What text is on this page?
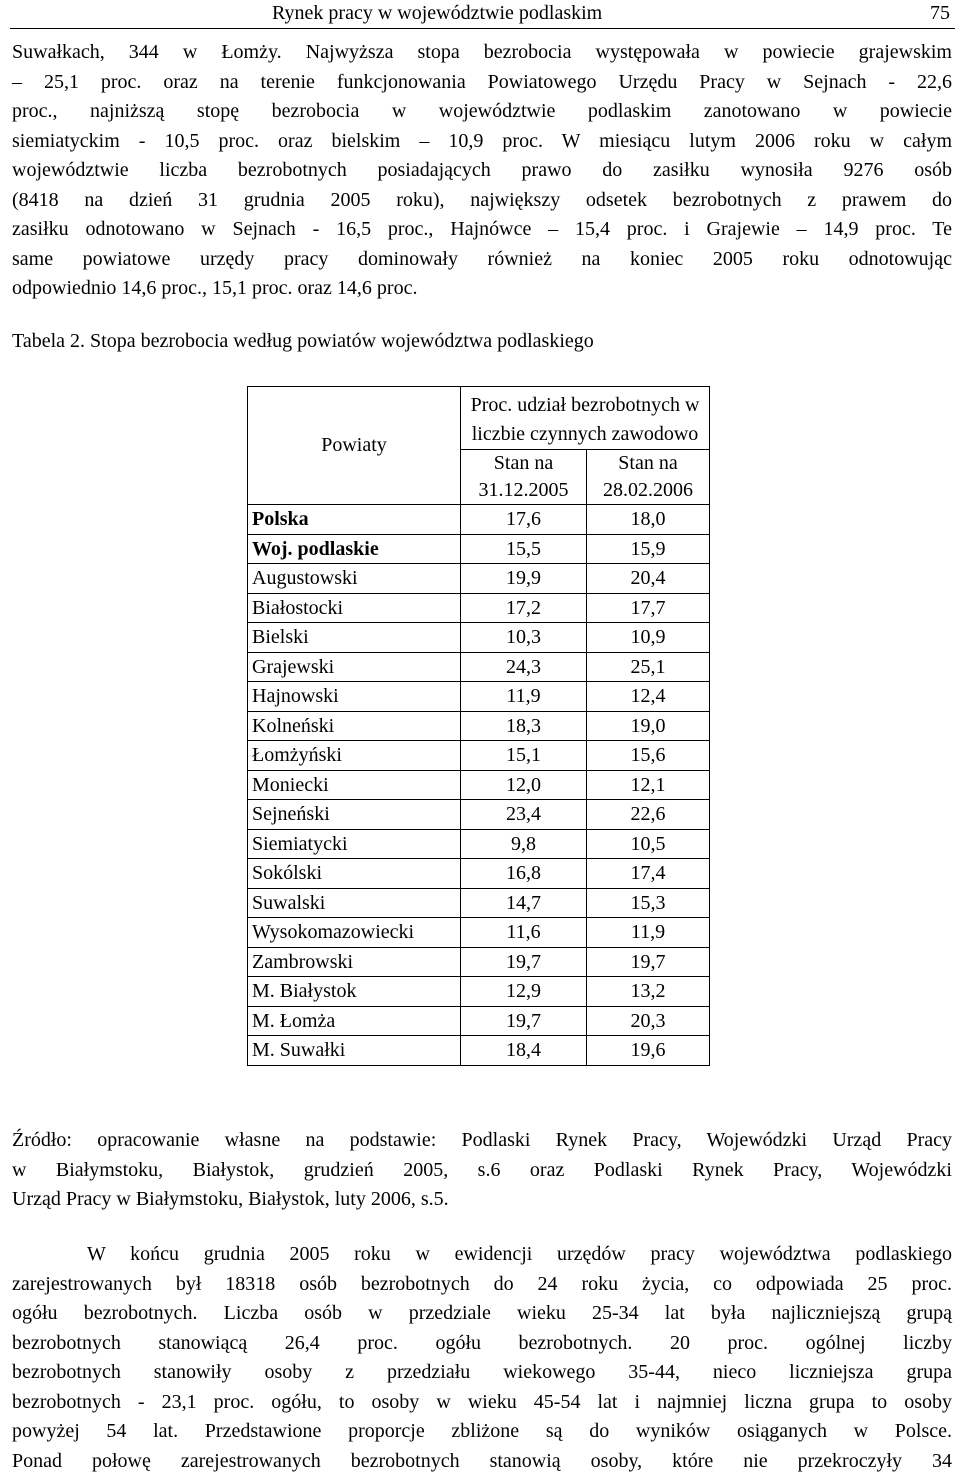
Rynek pracy w województwie podlaskim	75
Suwałkach, 344 w Łomży. Najwyższa stopa bezrobocia występowała w powiecie grajewskim
– 25,1 proc. oraz na terenie funkcjonowania Powiatowego Urzędu Pracy w Sejnach - 22,6
proc., najniższą stopę bezrobocia w województwie podlaskim zanotowano w powiecie
siemiatyckim - 10,5 proc. oraz bielskim – 10,9 proc. W miesiącu lutym 2006 roku w całym
województwie liczba bezrobotnych posiadających prawo do zasiłku wynosiła 9276 osób
(8418 na dzień 31 grudnia 2005 roku), największy odsetek bezrobotnych z prawem do
zasiłku odnotowano w Sejnach - 16,5 proc., Hajnówce – 15,4 proc. i Grajewie – 14,9 proc. Te
same powiatowe urzędy pracy dominowały również na koniec 2005 roku odnotowując
odpowiednio 14,6 proc., 15,1 proc. oraz 14,6 proc.
Tabela 2. Stopa bezrobocia według powiatów województwa podlaskiego
Powiaty	Proc. udział bezrobotnych w liczbie czynnych zawodowo	
	Stan na 31.12.2005	Stan na 28.02.2006
Polska	17,6	18,0
Woj. podlaskie	15,5	15,9
Augustowski	19,9	20,4
Białostocki	17,2	17,7
Bielski	10,3	10,9
Grajewski	24,3	25,1
Hajnowski	11,9	12,4
Kolneński	18,3	19,0
Łomżyński	15,1	15,6
Moniecki	12,0	12,1
Sejneński	23,4	22,6
Siemiatycki	9,8	10,5
Sokólski	16,8	17,4
Suwalski	14,7	15,3
Wysokomazowiecki	11,6	11,9
Zambrowski	19,7	19,7
M. Białystok	12,9	13,2
M. Łomża	19,7	20,3
M. Suwałki	18,4	19,6
Źródło: opracowanie własne na podstawie: Podlaski Rynek Pracy, Wojewódzki Urząd Pracy
w Białymstoku, Białystok, grudzień 2005, s.6 oraz Podlaski Rynek Pracy, Wojewódzki
Urząd Pracy w Białymstoku, Białystok, luty 2006, s.5.
W końcu grudnia 2005 roku w ewidencji urzędów pracy województwa podlaskiego
zarejestrowanych był 18318 osób bezrobotnych do 24 roku życia, co odpowiada 25 proc.
ogółu bezrobotnych. Liczba osób w przedziale wieku 25-34 lat była najliczniejszą grupą
bezrobotnych stanowiącą 26,4 proc. ogółu bezrobotnych. 20 proc. ogólnej liczby
bezrobotnych stanowiły osoby z przedziału wiekowego 35-44, nieco liczniejsza grupa
bezrobotnych - 23,1 proc. ogółu, to osoby w wieku 45-54 lat i najmniej liczna grupa to osoby
powyżej 54 lat. Przedstawione proporcje zbliżone są do wyników osiąganych w Polsce.
Ponad połowę zarejestrowanych bezrobotnych stanowią osoby, które nie przekroczyły 34
